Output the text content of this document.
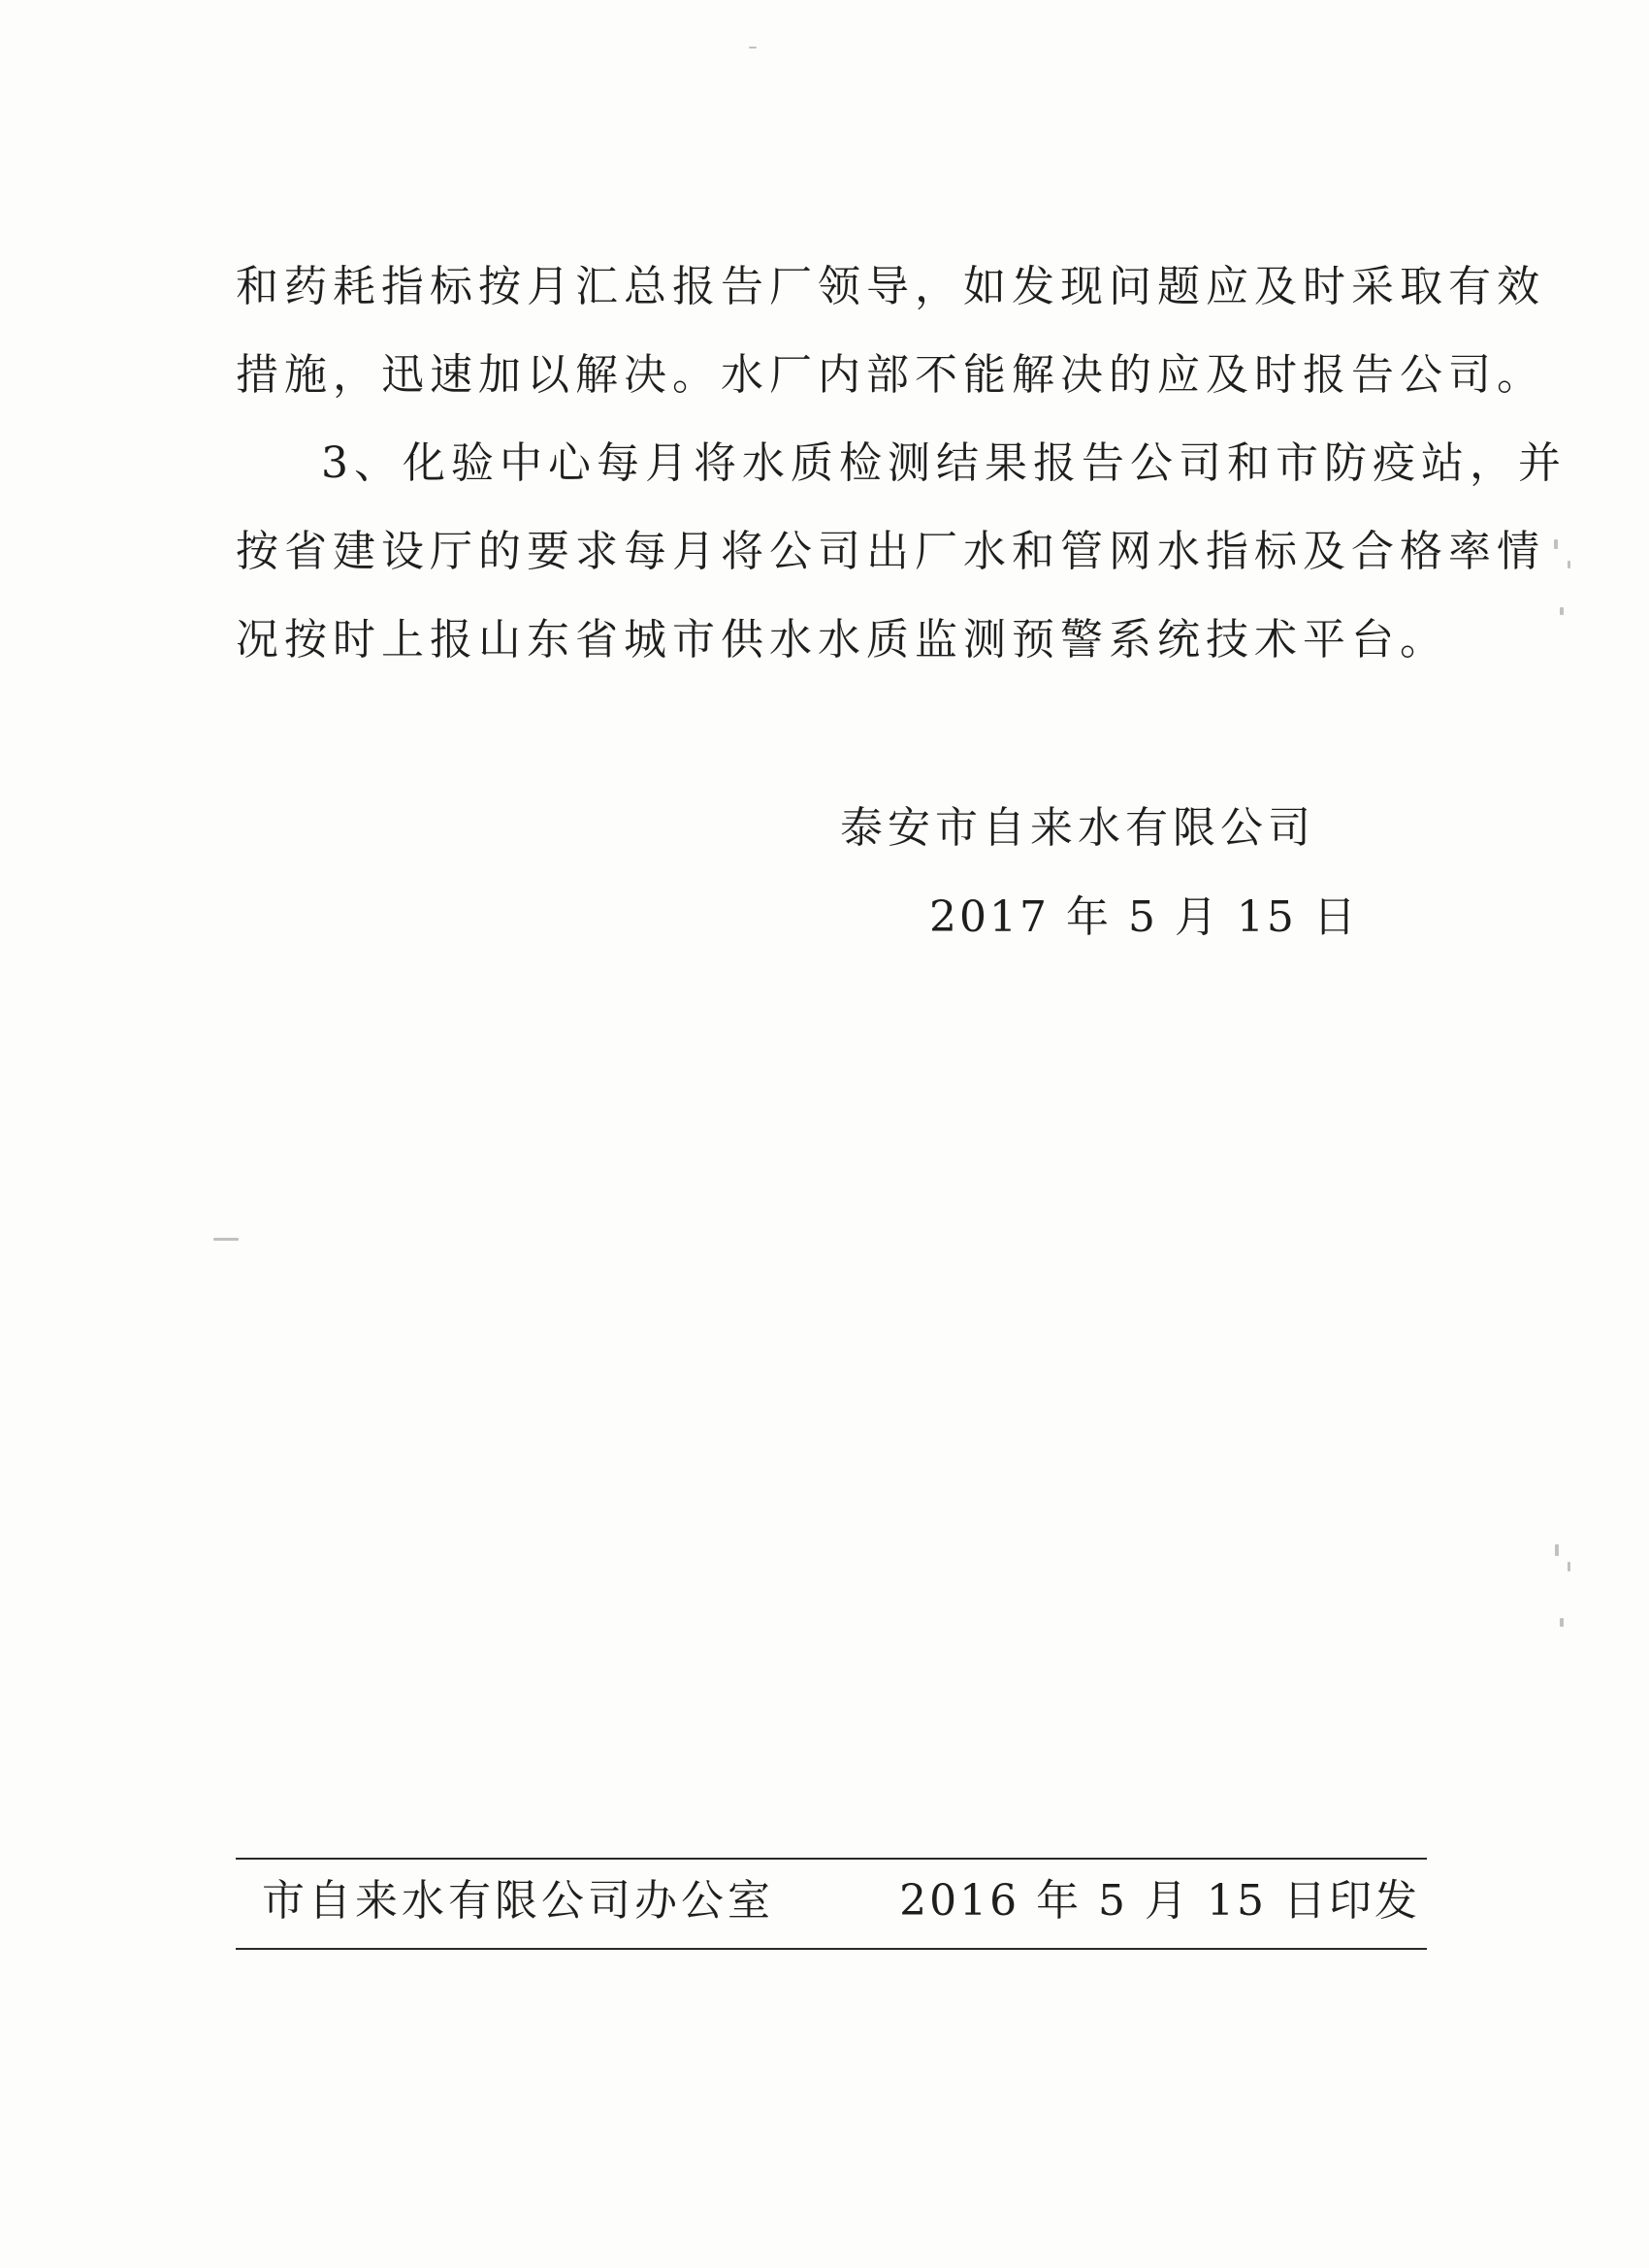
和药耗指标按月汇总报告厂领导，如发现问题应及时采取有效
措施，迅速加以解决。水厂内部不能解决的应及时报告公司。
3、化验中心每月将水质检测结果报告公司和市防疫站，并
按省建设厅的要求每月将公司出厂水和管网水指标及合格率情
况按时上报山东省城市供水水质监测预警系统技术平台。
泰安市自来水有限公司
2017 年 5 月 15 日
市自来水有限公司办公室	2016 年 5 月 15 日印发
